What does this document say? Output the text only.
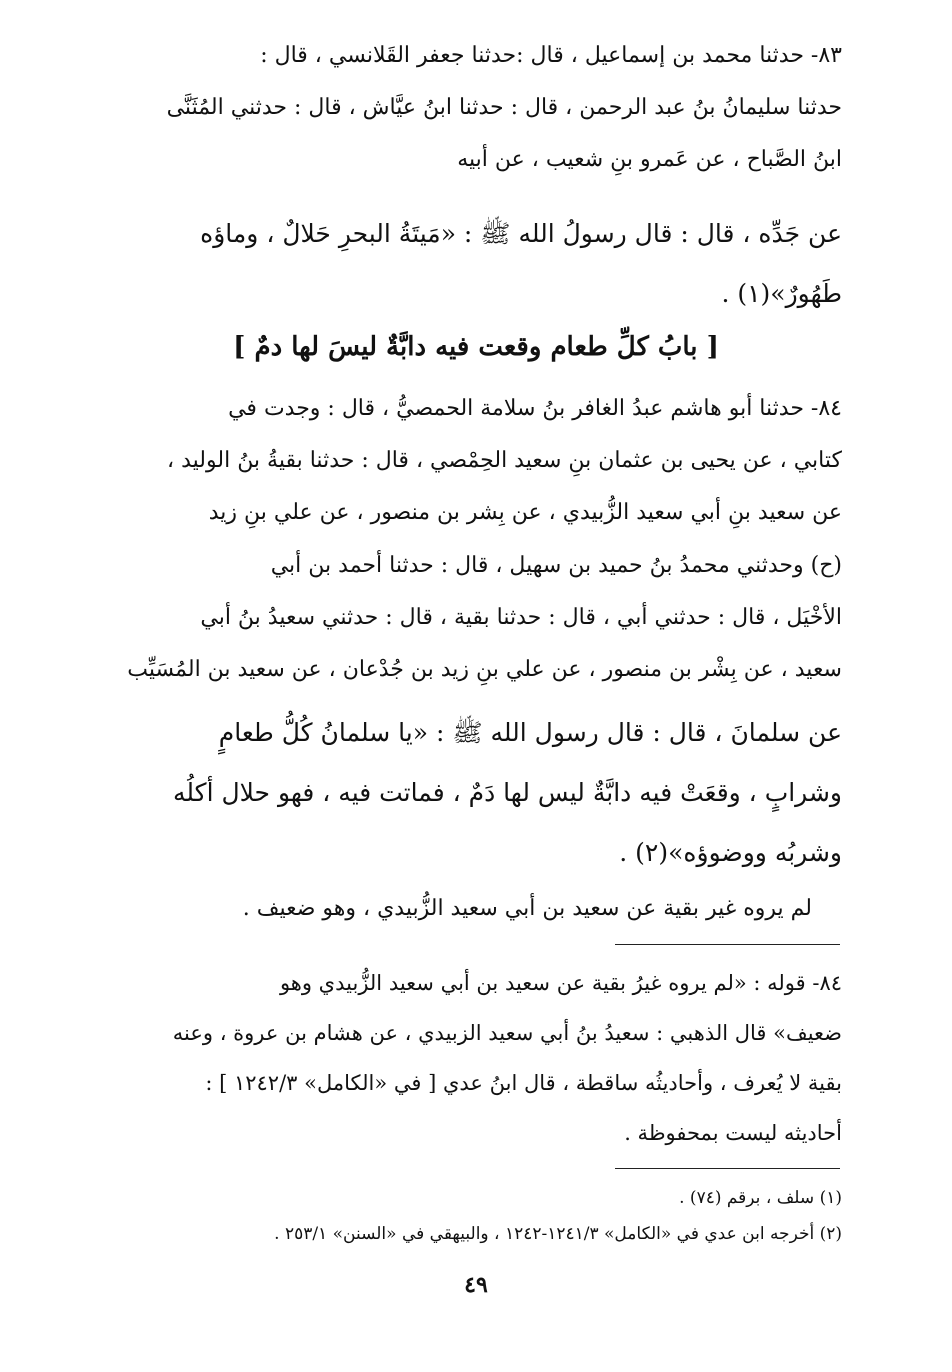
٨٣- حدثنا محمد بن إسماعيل ، قال :حدثنا جعفر القَلانسي ، قال :
حدثنا سليمانُ بنُ عبد الرحمن ، قال : حدثنا ابنُ عيَّاش ، قال : حدثني المُثَنَّى
ابنُ الصَّباح ، عن عَمرو بنِ شعيب ، عن أبيه
عن جَدِّه ، قال : قال رسولُ الله ﷺ : «مَيتَةُ البحرِ حَلالٌ ، وماؤه
طَهُورٌ»(١) .
[ بابُ كلِّ طعام وقعت فيه دابَّةٌ ليسَ لها دمٌ ]
٨٤- حدثنا أبو هاشم عبدُ الغافر بنُ سلامة الحمصيُّ ، قال : وجدت في
كتابي ، عن يحيى بن عثمان بنِ سعيد الحِمْصي ، قال : حدثنا بقيةُ بنُ الوليد ،
عن سعيد بنِ أبي سعيد الزُّبيدي ، عن بِشر بن منصور ، عن علي بنِ زيد
(ح) وحدثني محمدُ بنُ حميد بن سهيل ، قال : حدثنا أحمد بن أبي
الأخْيَل ، قال : حدثني أبي ، قال : حدثنا بقية ، قال : حدثني سعيدُ بنُ أبي
سعيد ، عن بِشْر بن منصور ، عن علي بنِ زيد بن جُدْعان ، عن سعيد بن المُسَيِّب
عن سلمانَ ، قال : قال رسول الله ﷺ : «يا سلمانُ كُلُّ طعامٍ
وشرابٍ ، وقعَتْ فيه دابَّةٌ ليس لها دَمٌ ، فماتت فيه ، فهو حلال أكلُه
وشربُه ووضوؤه»(٢) .
لم يروه غير بقية عن سعيد بن أبي سعيد الزُّبيدي ، وهو ضعيف .
٨٤- قوله : «لم يروه غيرُ بقية عن سعيد بن أبي سعيد الزُّبيدي وهو
ضعيف» قال الذهبي : سعيدُ بنُ أبي سعيد الزبيدي ، عن هشام بن عروة ، وعنه
بقية لا يُعرف ، وأحاديثُه ساقطة ، قال ابنُ عدي [ في «الكامل» ١٢٤٢/٣ ] :
أحاديثه ليست بمحفوظة .
(١) سلف ، برقم (٧٤) .
(٢) أخرجه ابن عدي في «الكامل» ١٢٤١/٣-١٢٤٢ ، والبيهقي في «السنن» ٢٥٣/١ .
٤٩
